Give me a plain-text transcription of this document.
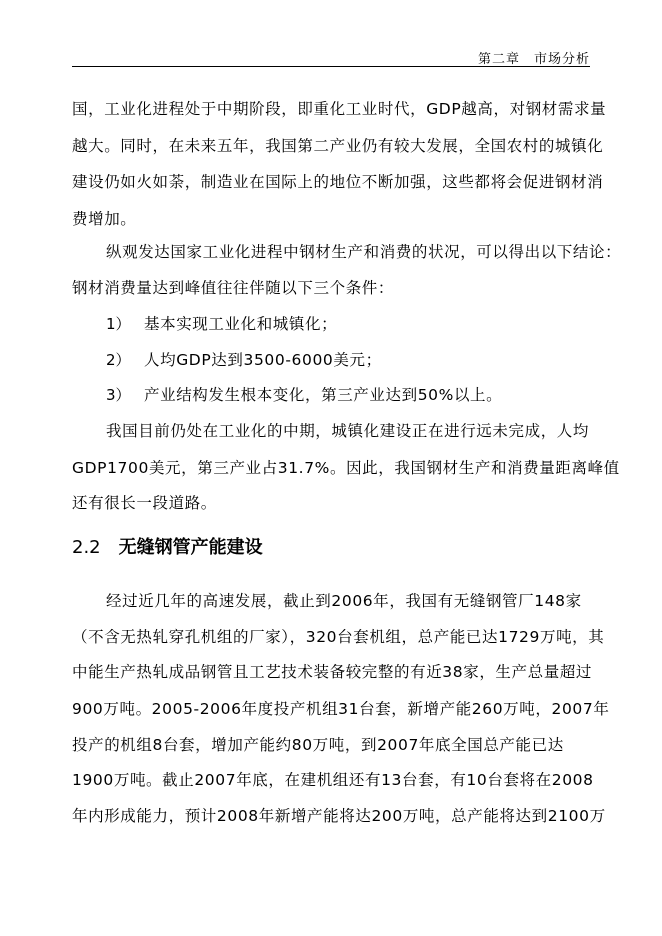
第二章　市场分析
国，工业化进程处于中期阶段，即重化工业时代，GDP越高，对钢材需求量
越大。同时，在未来五年，我国第二产业仍有较大发展，全国农村的城镇化
建设仍如火如荼，制造业在国际上的地位不断加强，这些都将会促进钢材消
费增加。
纵观发达国家工业化进程中钢材生产和消费的状况，可以得出以下结论：
钢材消费量达到峰值往往伴随以下三个条件：
1） 基本实现工业化和城镇化；
2） 人均GDP达到3500-6000美元；
3） 产业结构发生根本变化，第三产业达到50%以上。
我国目前仍处在工业化的中期，城镇化建设正在进行远未完成，人均
GDP1700美元，第三产业占31.7%。因此，我国钢材生产和消费量距离峰值
还有很长一段道路。
2.2 无缝钢管产能建设
经过近几年的高速发展，截止到2006年，我国有无缝钢管厂148家
（不含无热轧穿孔机组的厂家），320台套机组，总产能已达1729万吨，其
中能生产热轧成品钢管且工艺技术装备较完整的有近38家，生产总量超过
900万吨。2005-2006年度投产机组31台套，新增产能260万吨，2007年
投产的机组8台套，增加产能约80万吨，到2007年底全国总产能已达
1900万吨。截止2007年底，在建机组还有13台套，有10台套将在2008
年内形成能力，预计2008年新增产能将达200万吨，总产能将达到2100万
